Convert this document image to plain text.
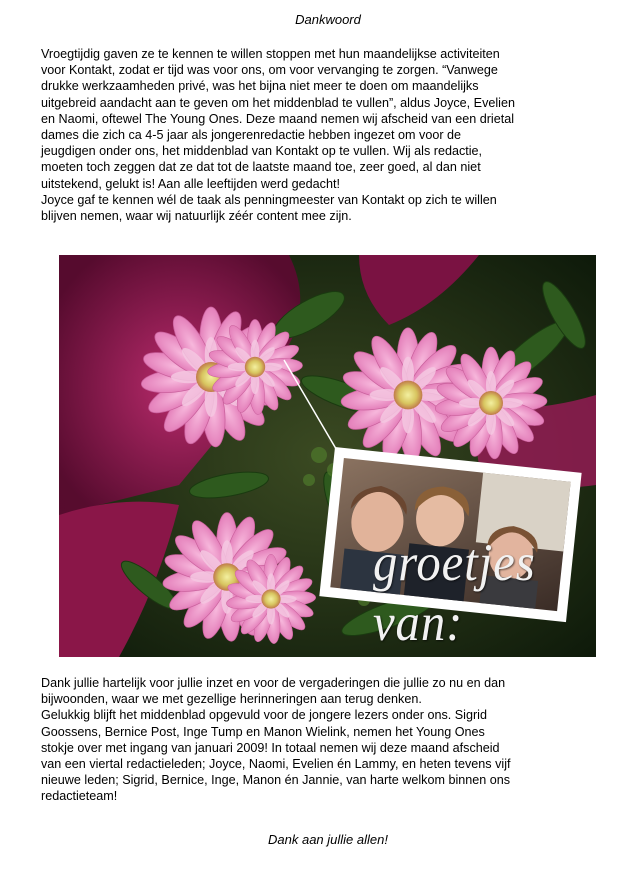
Dankwoord

Vroegtijdig gaven ze te kennen te willen stoppen met hun maandelijkse activiteiten
voor Kontakt, zodat er tijd was voor ons, om voor vervanging te zorgen. “Vanwege
drukke werkzaamheden privé, was het bijna niet meer te doen om maandelijks
uitgebreid aandacht aan te geven om het middenblad te vullen”, aldus Joyce, Evelien
en Naomi, oftewel The Young Ones. Deze maand nemen wij afscheid van een drietal
dames die zich ca 4-5 jaar als jongerenredactie hebben ingezet om voor de
jeugdigen onder ons, het middenblad van Kontakt op te vullen. Wij als redactie,
moeten toch zeggen dat ze dat tot de laatste maand toe, zeer goed, al dan niet
uitstekend, gelukt is! Aan alle leeftijden werd gedacht!
Joyce gaf te kennen wél de taak als penningmeester van Kontakt op zich te willen
blijven nemen, waar wij natuurlijk zéér content mee zijn.

groetjes van:

Dank jullie hartelijk voor jullie inzet en voor de vergaderingen die jullie zo nu en dan
bijwoonden, waar we met gezellige herinneringen aan terug denken.
Gelukkig blijft het middenblad opgevuld voor de jongere lezers onder ons. Sigrid
Goossens, Bernice Post, Inge Tump en Manon Wielink, nemen het Young Ones
stokje over met ingang van januari 2009! In totaal nemen wij deze maand afscheid
van een viertal redactieleden; Joyce, Naomi, Evelien én Lammy, en heten tevens vijf
nieuwe leden; Sigrid, Bernice, Inge, Manon én Jannie, van harte welkom binnen ons
redactieteam!

Dank aan jullie allen!
